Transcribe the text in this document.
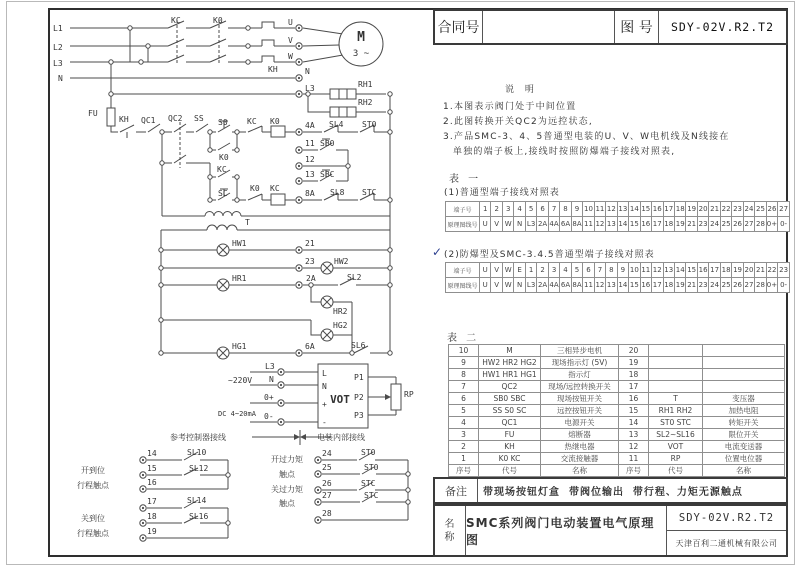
L1
L2
L3
N
KC	K0
KH
U
V
W
M
3 ~
N
L3	RH1
RH2
FU
KH QC1 QC2 SS S0
K0
KC K0	4A SL4 ST0
11 SB0
12
13 SBC
KC
SC
K0 KC
8A SL8 STC
T
HW1	21
23 HW2
HR1	2A	SL2
HR2
HG2
HG1	6A	SL6
L3
~220V N
0+
DC 4~20mA 0-
L
N
+
-
VOT
P1
P2
P3
RP
参考控制器接线	电装内部接线
开到位
行程触点
14	SL10
15	SL12
16
关到位
行程触点
17	SL14
18	SL16
19
开过力矩
触点
24	ST0
25	ST0
26	STC
27	STC
28
关过力矩
触点
合同号	图 号	SDY-02V.R2.T2
说 明
1.本图表示阀门处于中间位置
2.此图转换开关QC2为远控状态,
3.产品SMC-3、4、5普通型电装的U、V、W电机线及N线接在
单独的端子板上,接线时按照防爆端子接线对照表,
表 一
(1)普通型端子接线对照表
端子号	1	2	3	4	5	6	7	8	9	10	11	12	13	14	15	16	17	18	19	20	21	22	23	24	25	26	27
原理图线号	U	V	W	N	L3	2A	4A	6A	8A	11	12	13	14	15	16	17	18	19	21	23	24	25	26	27	28	0+	0-
✓ (2)防爆型及SMC-3.4.5普通型端子接线对照表
端子号	U	V	W	E	1	2	3	4	5	6	7	8	9	10	11	12	13	14	15	16	17	18	19	20	21	22	23
原理图线号	U	V	W	N	L3	2A	4A	6A	8A	11	12	13	14	15	16	17	18	19	21	23	24	25	26	27	28	0+	0-
表 二
10	M	三相异步电机	20		
9	HW2 HR2 HG2	现场指示灯 (5V)	19		
8	HW1 HR1 HG1	指示灯	18		
7	QC2	现场/远控转换开关	17		
6	SB0 SBC	现场按钮开关	16	T	变压器
5	SS S0 SC	远控按钮开关	15	RH1 RH2	加热电阻
4	QC1	电源开关	14	ST0 STC	转矩开关
3	FU	熔断器	13	SL2~SL16	限位开关
2	KH	热继电器	12	VOT	电流变送器
1	K0 KC	交流接触器	11	RP	位置电位器
序号	代号	名称	序号	代号	名称
备注	带现场按钮灯盒  带阀位输出  带行程、力矩无源触点
名称
SMC系列阀门电动装置电气原理图
SDY-02V.R2.T2
天津百利二通机械有限公司
